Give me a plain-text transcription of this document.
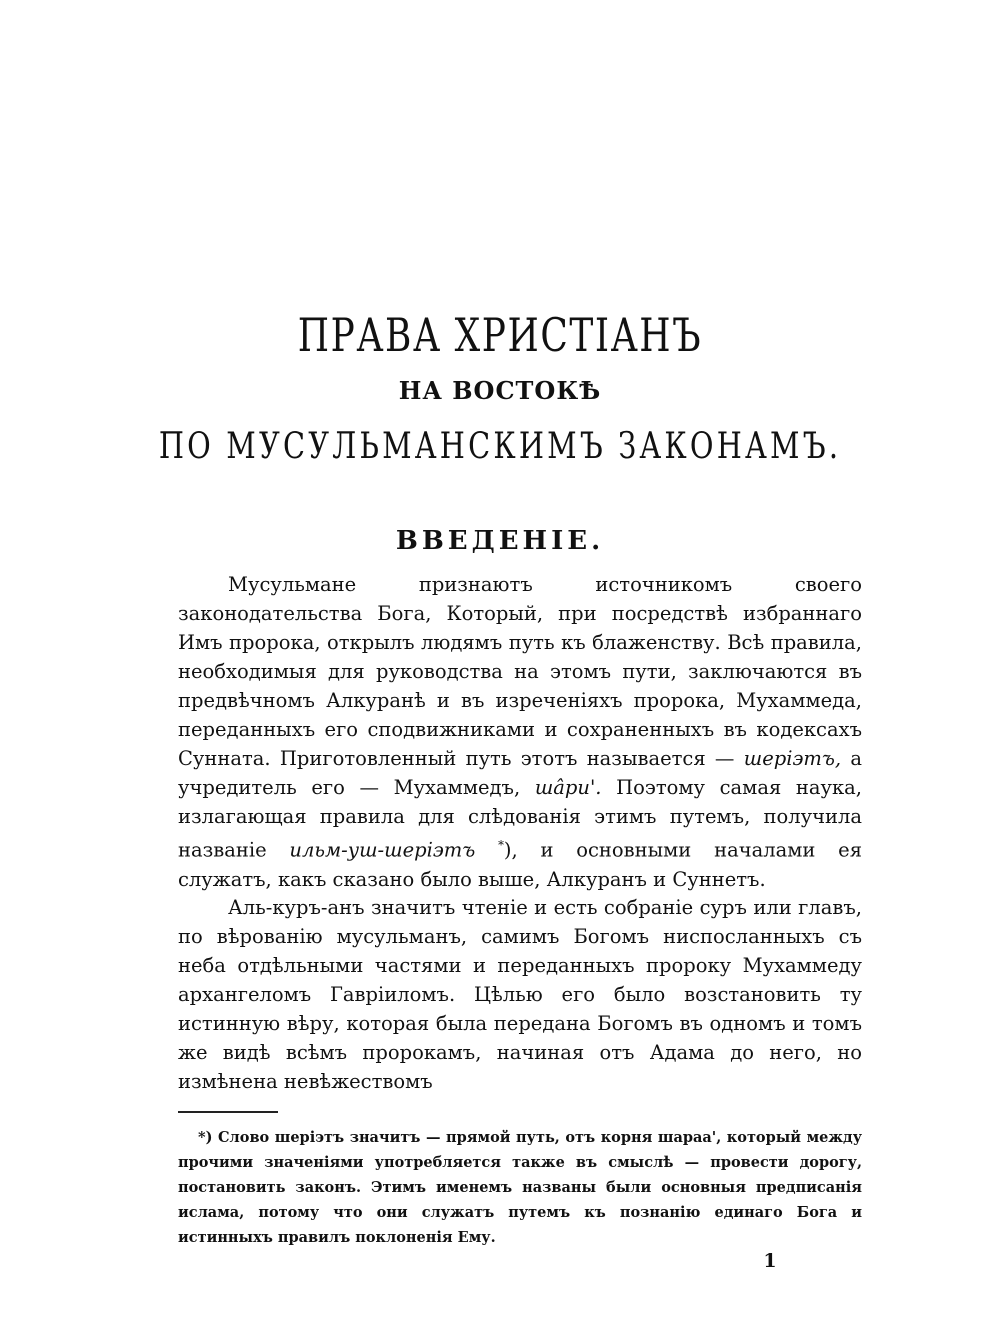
ПРАВА ХРИСТIАНЪ
НА ВОСТОКѢ
ПО МУСУЛЬМАНСКИМЪ ЗАКОНАМЪ.
ВВЕДЕНIЕ.

Мусульмане признаютъ источникомъ своего законодательства Бога, Который, при посредствѣ избраннаго Имъ пророка, открылъ людямъ путь къ блаженству. Всѣ правила, необходимыя для руководства на этомъ пути, заключаются въ предвѣчномъ Алкуранѣ и въ изреченiяхъ пророка, Мухаммеда, переданныхъ его сподвижниками и сохраненныхъ въ кодексахъ Сунната. Приготовленный путь этотъ называется — шерiэтъ, а учредитель его — Мухаммедъ, шâри'. Поэтому самая наука, излагающая правила для слѣдованiя этимъ путемъ, получила названiе ильм-уш-шерiэтъ *), и основными началами ея служатъ, какъ сказано было выше, Алкуранъ и Суннетъ.

Аль-куръ-анъ значитъ чтенiе и есть собранiе суръ или главъ, по вѣрованiю мусульманъ, самимъ Богомъ ниспосланныхъ съ неба отдѣльными частями и переданныхъ пророку Мухаммеду архангеломъ Гаврiиломъ. Цѣлью его было возстановить ту истинную вѣру, которая была передана Богомъ въ одномъ и томъ же видѣ всѣмъ пророкамъ, начиная отъ Адама до него, но измѣнена невѣжествомъ

*) Слово шерiэтъ значитъ — прямой путь, отъ корня шараа', который между прочими значенiями употребляется также въ смыслѣ — провести дорогу, постановить законъ. Этимъ именемъ названы были основныя предписанiя ислама, потому что они служатъ путемъ къ познанiю единаго Бога и истинныхъ правилъ поклоненiя Ему.
1
